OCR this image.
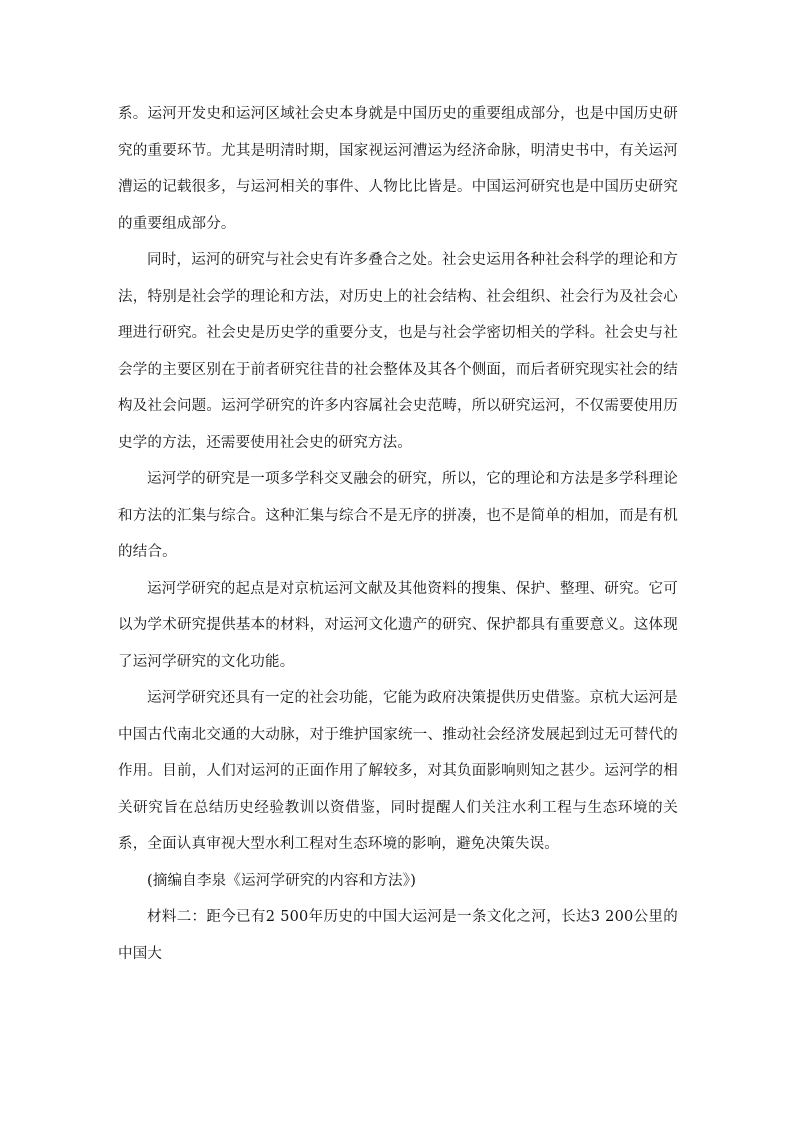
系。运河开发史和运河区域社会史本身就是中国历史的重要组成部分，也是中国历史研究的重要环节。尤其是明清时期，国家视运河漕运为经济命脉，明清史书中，有关运河漕运的记载很多，与运河相关的事件、人物比比皆是。中国运河研究也是中国历史研究的重要组成部分。

同时，运河的研究与社会史有许多叠合之处。社会史运用各种社会科学的理论和方法，特别是社会学的理论和方法，对历史上的社会结构、社会组织、社会行为及社会心理进行研究。社会史是历史学的重要分支，也是与社会学密切相关的学科。社会史与社会学的主要区别在于前者研究往昔的社会整体及其各个侧面，而后者研究现实社会的结构及社会问题。运河学研究的许多内容属社会史范畴，所以研究运河，不仅需要使用历史学的方法，还需要使用社会史的研究方法。

运河学的研究是一项多学科交叉融会的研究，所以，它的理论和方法是多学科理论和方法的汇集与综合。这种汇集与综合不是无序的拼凑，也不是简单的相加，而是有机的结合。

运河学研究的起点是对京杭运河文献及其他资料的搜集、保护、整理、研究。它可以为学术研究提供基本的材料，对运河文化遗产的研究、保护都具有重要意义。这体现了运河学研究的文化功能。

运河学研究还具有一定的社会功能，它能为政府决策提供历史借鉴。京杭大运河是中国古代南北交通的大动脉，对于维护国家统一、推动社会经济发展起到过无可替代的作用。目前，人们对运河的正面作用了解较多，对其负面影响则知之甚少。运河学的相关研究旨在总结历史经验教训以资借鉴，同时提醒人们关注水利工程与生态环境的关系，全面认真审视大型水利工程对生态环境的影响，避免决策失误。

(摘编自李泉《运河学研究的内容和方法》)

材料二：距今已有2 500年历史的中国大运河是一条文化之河，长达3 200公里的中国大
